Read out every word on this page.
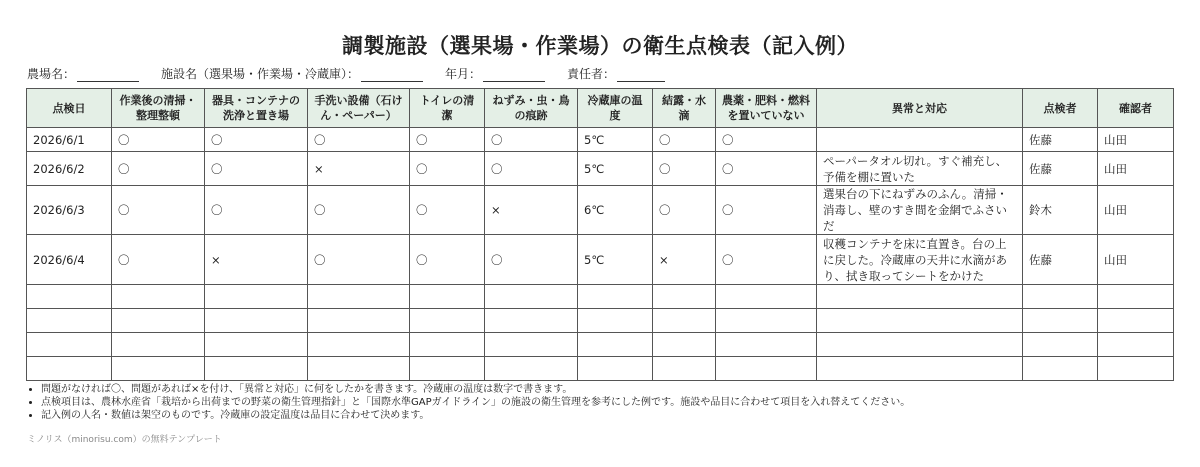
調製施設（選果場・作業場）の衛生点検表（記入例）
農場名：	施設名（選果場・作業場・冷蔵庫）：	年月：	責任者：
点検日	作業後の清掃・整理整頓	器具・コンテナの洗浄と置き場	手洗い設備（石けん・ペーパー）	トイレの清潔	ねずみ・虫・鳥の痕跡	冷蔵庫の温度	結露・水滴	農薬・肥料・燃料を置いていない	異常と対応	点検者	確認者
2026/6/1	〇	〇	〇	〇	〇	5℃	〇	〇		佐藤	山田
2026/6/2	〇	〇	×	〇	〇	5℃	〇	〇	ペーパータオル切れ。すぐ補充し、予備を棚に置いた	佐藤	山田
2026/6/3	〇	〇	〇	〇	×	6℃	〇	〇	選果台の下にねずみのふん。清掃・消毒し、壁のすき間を金網でふさいだ	鈴木	山田
2026/6/4	〇	×	〇	〇	〇	5℃	×	〇	収穫コンテナを床に直置き。台の上に戻した。冷蔵庫の天井に水滴があり、拭き取ってシートをかけた	佐藤	山田

• 問題がなければ〇、問題があれば×を付け、「異常と対応」に何をしたかを書きます。冷蔵庫の温度は数字で書きます。
• 点検項目は、農林水産省「栽培から出荷までの野菜の衛生管理指針」と「国際水準GAPガイドライン」の施設の衛生管理を参考にした例です。施設や品目に合わせて項目を入れ替えてください。
• 記入例の人名・数値は架空のものです。冷蔵庫の設定温度は品目に合わせて決めます。
ミノリス（minorisu.com）の無料テンプレート
